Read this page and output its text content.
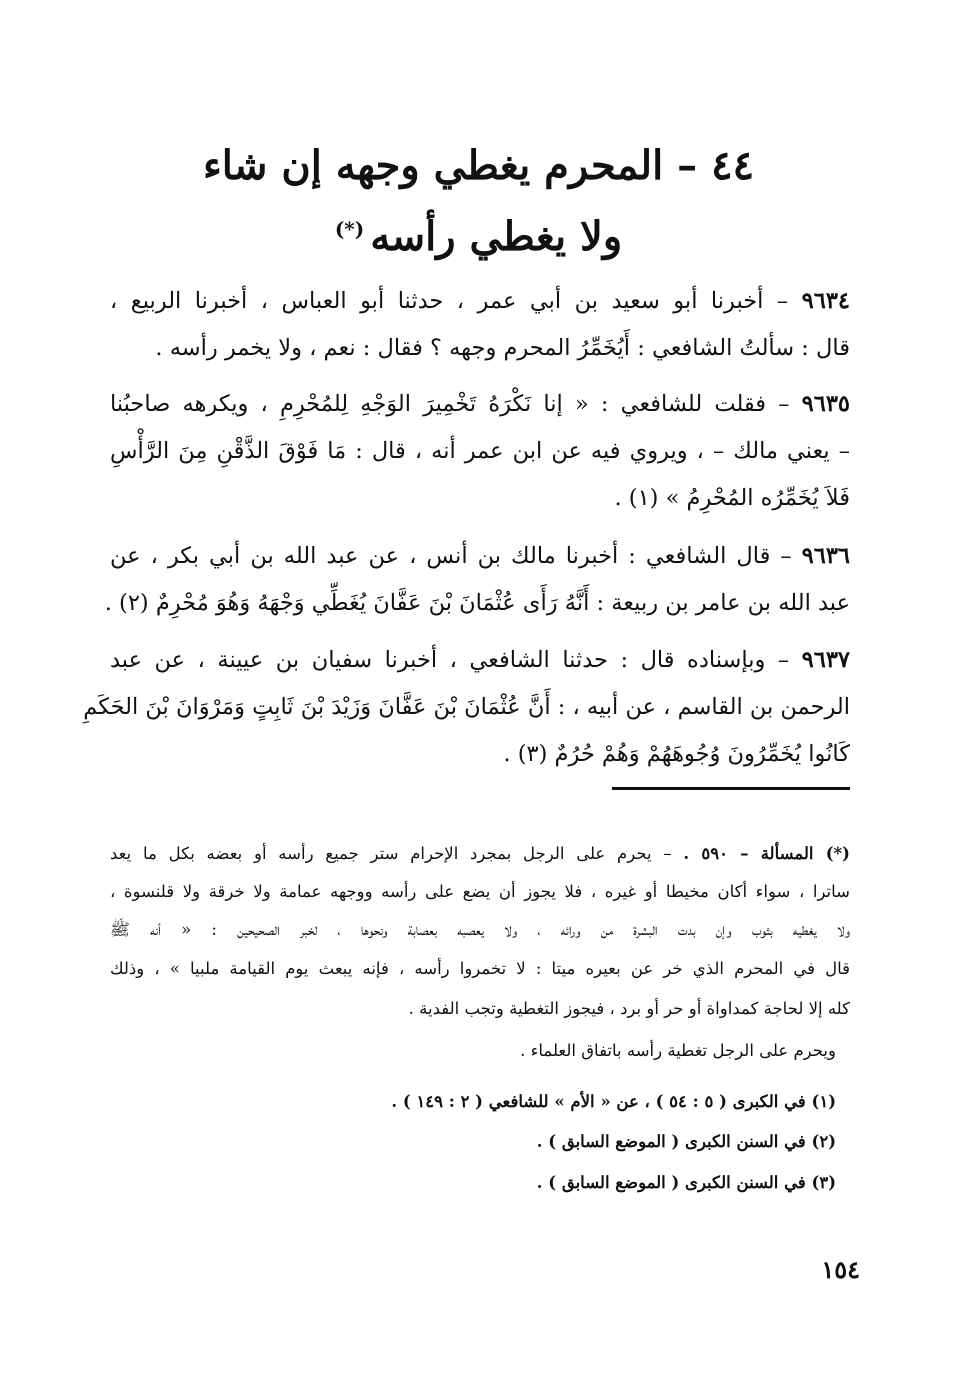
٤٤ – المحرم يغطي وجهه إن شاء
ولا يغطي رأسه(*)
٩٦٣٤ – أخبرنا أبو سعيد بن أبي عمر ، حدثنا أبو العباس ، أخبرنا الربيع ،
قال : سألتُ الشافعي : أَيُخَمِّرُ المحرم وجهه ؟ فقال : نعم ، ولا يخمر رأسه .
٩٦٣٥ – فقلت للشافعي : « إنا نَكْرَهُ تَخْمِيرَ الوَجْهِ لِلمُحْرِمِ ، ويكرهه صاحبُنا
– يعني مالك – ، ويروي فيه عن ابن عمر أنه ، قال : مَا فَوْقَ الذَّقْنِ مِنَ الرَّأْسِ
فَلاَ يُخَمِّرُه المُحْرِمُ » (١) .
٩٦٣٦ – قال الشافعي : أخبرنا مالك بن أنس ، عن عبد الله بن أبي بكر ، عن
عبد الله بن عامر بن ربيعة : أَنَّهُ رَأَى عُثْمَانَ بْنَ عَفَّانَ يُغَطِّي وَجْهَهُ وَهُوَ مُحْرِمٌ (٢) .
٩٦٣٧ – وبإسناده قال : حدثنا الشافعي ، أخبرنا سفيان بن عيينة ، عن عبد
الرحمن بن القاسم ، عن أبيه ، : أَنَّ عُثْمَانَ بْنَ عَفَّانَ وَزَيْدَ بْنَ ثَابِتٍ وَمَرْوَانَ بْنَ الحَكَمِ
كَانُوا يُخَمِّرُونَ وُجُوهَهُمْ وَهُمْ حُرُمٌ (٣) .
(*) المسألة – ٥٩٠ . – يحرم على الرجل بمجرد الإحرام ستر جميع رأسه أو بعضه بكل ما يعد
ساترا ، سواء أكان مخيطا أو غيره ، فلا يجوز أن يضع على رأسه ووجهه عمامة ولا خرقة ولا قلنسوة ،
ولا يغطيه بثوب وإن بدت البشرة من ورائه ، ولا يعصبه بعصابة ونحوها ، لخبر الصحيحين : « أنه ﷺ
قال في المحرم الذي خر عن بعيره ميتا : لا تخمروا رأسه ، فإنه يبعث يوم القيامة ملبيا » ، وذلك
كله إلا لحاجة كمداواة أو حر أو برد ، فيجوز التغطية وتجب الفدية .
ويحرم على الرجل تغطية رأسه باتفاق العلماء .
(١) في الكبرى ( ٥ : ٥٤ ) ، عن « الأم » للشافعي ( ٢ : ١٤٩ ) .
(٢) في السنن الكبرى ( الموضع السابق ) .
(٣) في السنن الكبرى ( الموضع السابق ) .
١٥٤
